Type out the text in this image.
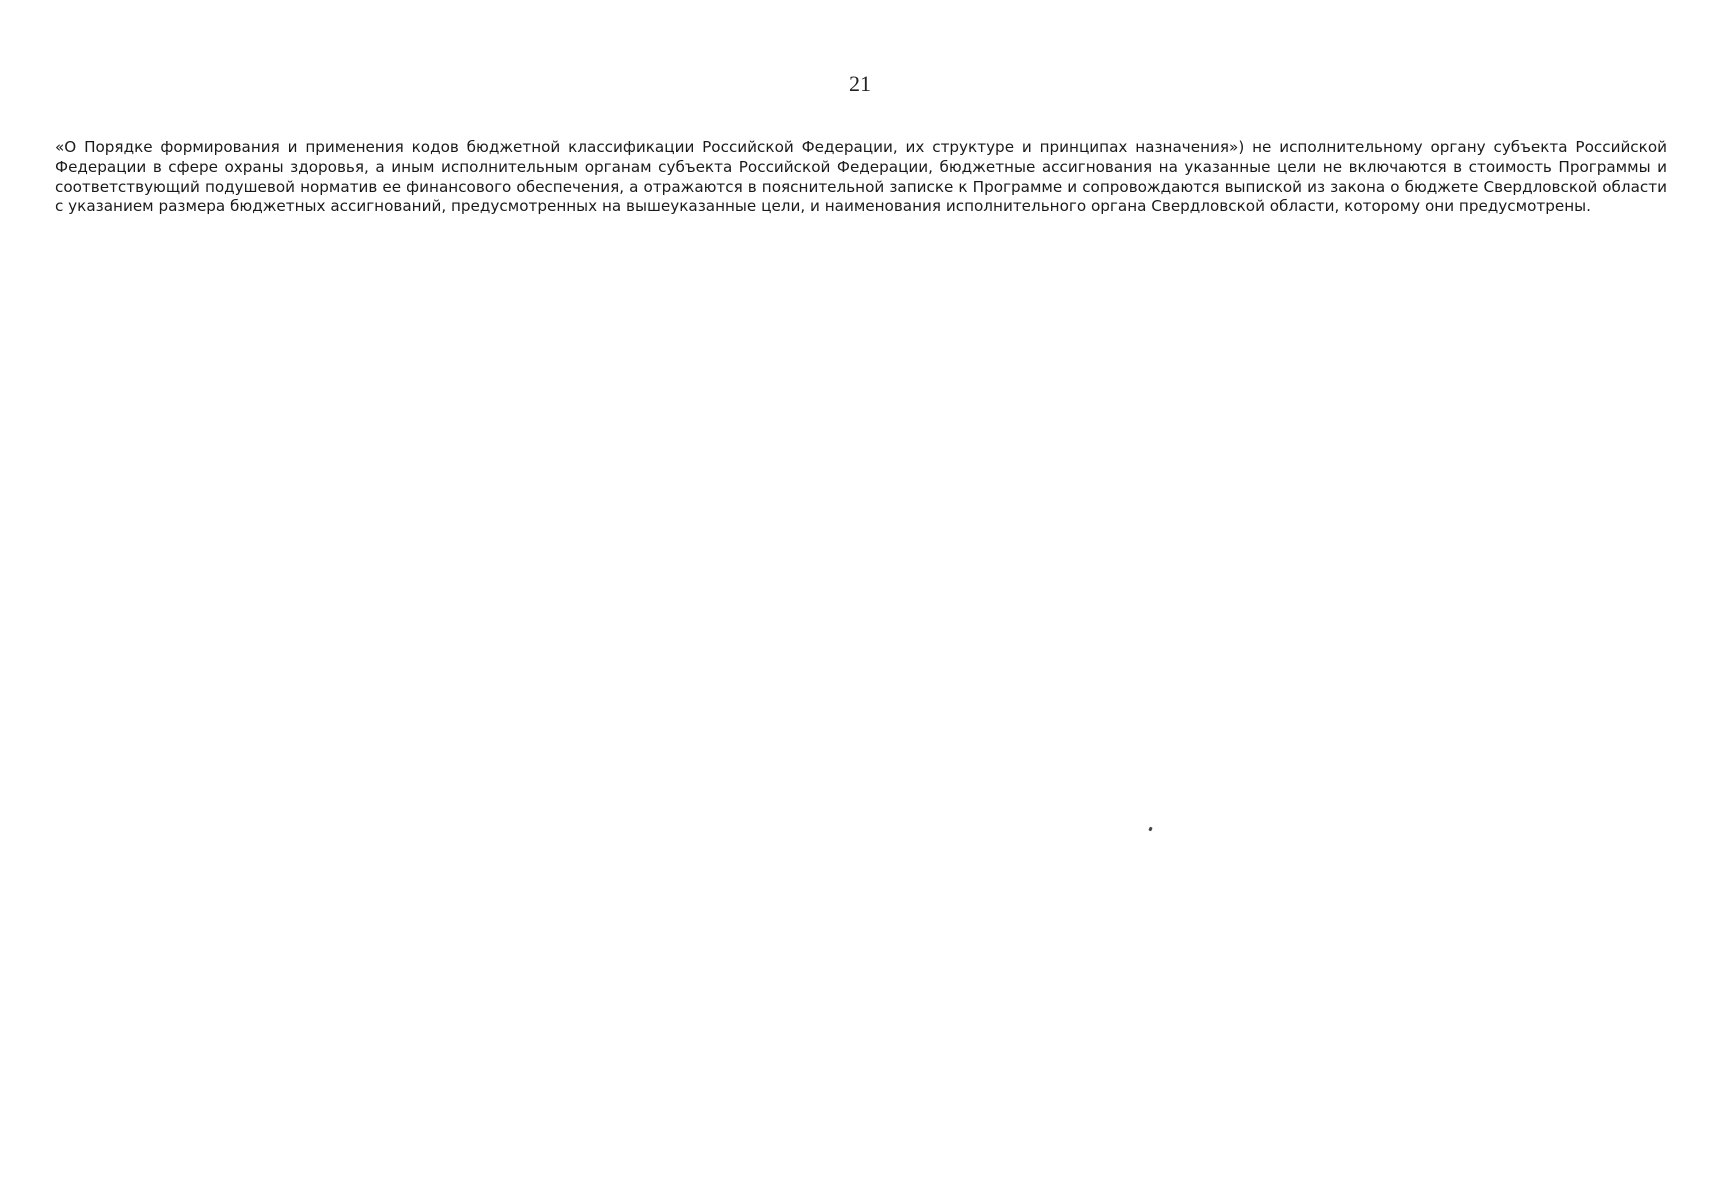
21

«О Порядке формирования и применения кодов бюджетной классификации Российской Федерации, их структуре и принципах назначения») не исполнительному органу субъекта Российской Федерации в сфере охраны здоровья, а иным исполнительным органам субъекта Российской Федерации, бюджетные ассигнования на указанные цели не включаются в стоимость Программы и соответствующий подушевой норматив ее финансового обеспечения, а отражаются в пояснительной записке к Программе и сопровождаются выпиской из закона о бюджете Свердловской области с указанием размера бюджетных ассигнований, предусмотренных на вышеуказанные цели, и наименования исполнительного органа Свердловской области, которому они предусмотрены.
